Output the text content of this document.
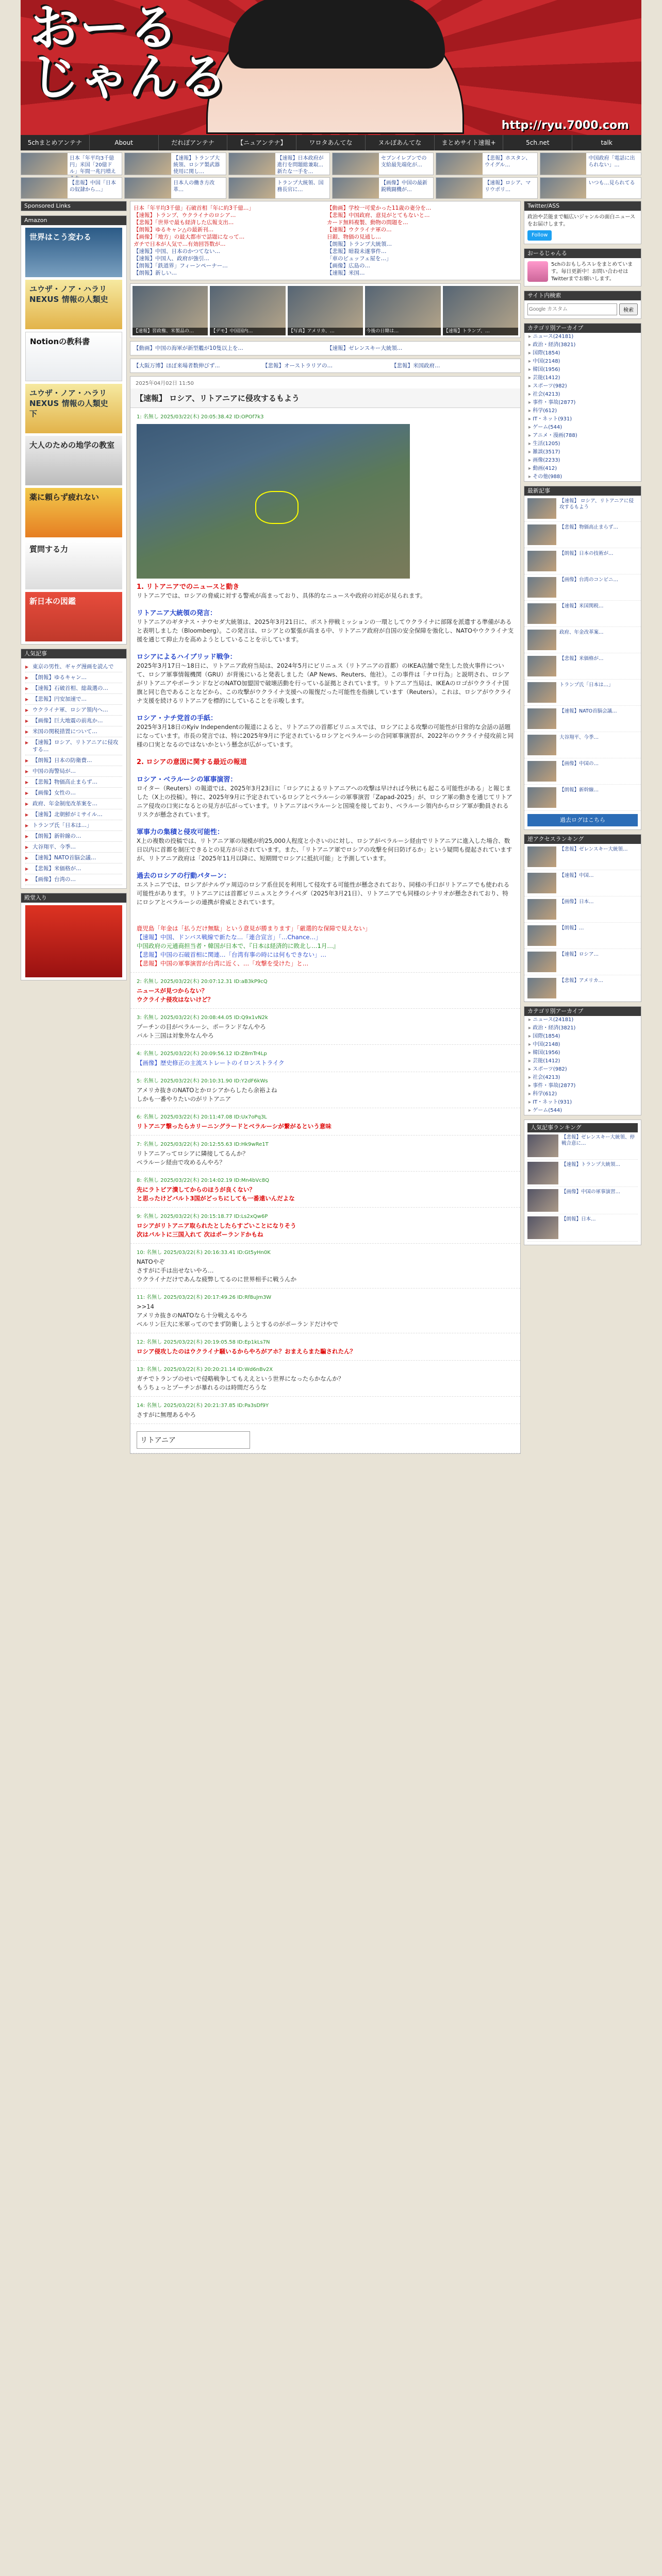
おーる
じゃんる
http://ryu.7000.com
5chまとめアンテナ	About	だれぽアンテナ	【ニュアンテナ】	ワロタあんてな	ヌルぽあんてな	まとめサイト速報+	5ch.net	talk
日本「年平均3千億円」米国「20億ドル」年間一兆円増え
【速報】トランプ大統領、ロシア製武器使用に関し…
【速報】日本政府が進行を問題総兼取...新たな一手を…
セブンイレブンでの支給最先端化が…
【悲報】ホスタン、ウイグル…
中国政府「電話に出られない」…
【悲報】中国「日本の奴隷から…」
日本人の働き方改革…
トランプ大統領、国務長官に…
【画像】中国の最新鋭戦闘機が…
【速報】ロシア、マリウポリ…
いつも…見られてる
Sponsored Links
Amazon
世界はこう変わる
ユウザ・ノア・ハラリ NEXUS 情報の人類史
Notionの教科書
ユウザ・ノア・ハラリ NEXUS 情報の人類史 下
大人のための地学の教室
薬に頼らず疲れない
質問する力
新日本の図鑑
人気記事
▶ 東京の男性、ギャグ漫画を読んで
▶ 【朗報】ゆるキャン…
▶ 【速報】石破首相、総裁選の…
▶ 【悲報】円安加速で…
▶ ウクライナ軍、ロシア領内へ…
▶ 【画像】巨大地震の前兆か…
▶ 米国の関税措置について…
▶ 【速報】ロシア、リトアニアに侵攻する…
▶ 【朗報】日本の防衛費…
▶ 中国の海警局が…
▶ 【悲報】物価高止まらず…
▶ 【画像】女性の…
▶ 政府、年金制度改革案を…
▶ 【速報】北朝鮮がミサイル…
▶ トランプ氏「日本は…」
▶ 【朗報】新幹線の…
▶ 大谷翔平、今季…
▶ 【速報】NATO首脳会議…
▶ 【悲報】米価格が…
▶ 【画像】台湾の…
殿堂入り
日本「年平均3千億」石破首相「年に約3千億…」
【速報】トランプ、ウクライナのロシア…
【悲報】「世界で最も経済した広報支出…
【朗報】ゆるキャン△の最新刊…
【画像】「地方」の最大都市で話題になって…
ガチで日本が人気で…有効回答数が…
【速報】中国、日本のかつてない…
【速報】中国人、政府が強引…
【朗報】「鉄道界」フィーンペーナー…
【朗報】新しい…
【動画】学校一可愛かった11歳の妻分を…
【悲報】中国政府、意見がとてもないと…
カード無料複製、動物の問題を…
【速報】ウクライナ軍の…
日銀、物価の見通し…
【朗報】トランプ大統領…
【悲報】暗殺未遂事件…
「車のビュッフェ屋を…」
【画像】広島の…
【速報】米国…
【速報】習政権、米製品の…	【デモ】中国国内…	【写真】アメリカ、…	今後の日韓は…	【速報】トランプ、…
【動画】中国の海軍が新型艦が10隻以上を…	【速報】ゼレンスキー大統領…
【大阪万博】ほぼ来場者数伸びず...	【悲報】オーストラリアの…	【悲報】米国政府…
2025年04月02日 11:50
【速報】 ロシア、リトアニアに侵攻するもよう
1: 名無し 2025/03/22(木) 20:05:38.42 ID:OPOf7k3

1. リトアニアでのニュースと動き

リトアニアでは、ロシアの脅威に対する警戒が高まっており、具体的なニュースや政府の対応が見られます。

リトアニア大統領の発言：

リトアニアのギタナス・ナウセダ大統領は、2025年3月21日に、ポスト停戦ミッションの一環としてウクライナに部隊を派遣する準備があると表明しました（Bloomberg）。この発言は、ロシアとの緊張が高まる中、リトアニア政府が自国の安全保障を強化し、NATOやウクライナ支援を通じて抑止力を高めようとしていることを示しています。

ロシアによるハイブリッド戦争：

2025年3月17日〜18日に、リトアニア政府当局は、2024年5月にビリニュス（リトアニアの首都）のIKEA店舗で発生した放火事件について、ロシア軍事情報機関（GRU）が背後にいると発表しました（AP News、Reuters、他社）。この事件は「ナロ行為」と説明され、ロシアがリトアニアやポーランドなどのNATO加盟国で破壊活動を行っている証拠とされています。リトアニア当局は、IKEAのロゴがウクライナ国旗と同じ色であることなどから、この攻撃がウクライナ支援への報復だった可能性を指摘しています（Reuters）。これは、ロシアがウクライナ支援を続けるリトアニアを標的にしていることを示唆します。

ロシア・ナチ党首の手紙：

2025年3月18日のKyiv Independentの報道によると、リトアニアの首都ビリニュスでは、ロシアによる攻撃の可能性が日常的な会話の話題になっています。市長の発言では、特に2025年9月に予定されているロシアとベラルーシの合同軍事演習が、2022年のウクライナ侵攻前と同様の口実となるのではないかという懸念が広がっています。

2. ロシアの意図に関する最近の報道

ロシア・ベラルーシの軍事演習：

ロイター（Reuters）の報道では、2025年3月23日に「ロシアによるリトアニアへの攻撃は早ければ今秋にも起こる可能性がある」と報じました（X上の投稿）。特に、2025年9月に予定されているロシアとベラルーシの軍事演習「Zapad-2025」が、ロシア軍の動きを通じてリトアニア侵攻の口実になるとの見方が広がっています。リトアニアはベラルーシと国境を接しており、ベラルーシ領内からロシア軍が動員されるリスクが懸念されています。

軍事力の集積と侵攻可能性：

X上の複数の投稿では、リトアニア軍の規模が約25,000人程度と小さいのに対し、ロシアがベラルーシ経由でリトアニアに進入した場合、数日以内に首都を制圧できるとの見方が示されています。また、「リトアニア軍でロシアの攻撃を何日防げるか」という疑問も提起されていますが、リトアニア政府は「2025年11月以降に、短期間でロシアに抵抗可能」と予測しています。

過去のロシアの行動パターン：

エストニアでは、ロシアがナルヴァ周辺のロシア系住民を利用して侵攻する可能性が懸念されており、同様の手口がリトアニアでも使われる可能性があります。リトアニアには首都ビリニュスとクライペダ（2025年3月21日）、リトアニアでも同様のシナリオが懸念されており、特にロシアとベラルーシの連携が脅威とされています。

鹿児島「年金は「払うだけ無駄」という意見が勝まります」「厳選的な保障で見えない」

【速報】中国、ドンバス戦線で新たな…「連合宣言」「…Chance…」

中国政府の元通商担当者・韓国が日本で、『日本は経済的に敗北し…1月…』

【悲報】中国の石破首相に関連…「台湾有事の時には何もできない」…

【悲報】中国の軍事演習が台湾に近く、…「攻撃を受けた」と…

2: 名無し 2025/03/22(木) 20:07:12.31 ID:aB3kP9cQ

ニュースが見つからない？

ウクライナ侵攻はないけど？

3: 名無し 2025/03/22(木) 20:08:44.05 ID:Q9x1vN2k

プーチンの目がベラルーシ、ポーランドなんやろ

バルト三国は対象外なんやろ

4: 名無し 2025/03/22(木) 20:09:56.12 ID:Z8mTr4Lp

【画像】歴史修正の主流ストレートのイロンストライク

5: 名無し 2025/03/22(木) 20:10:31.90 ID:Y2dF6kWs

アメリカ抜きのNATOとかロシアからしたら余裕よね

しかも一番やりたいのがリトアニア

6: 名無し 2025/03/22(木) 20:11:47.08 ID:Ux7oPq3L

リトアニア撃ったらカリーニングラードとベラルーシが繋がるという意味

7: 名無し 2025/03/22(木) 20:12:55.63 ID:Hk9wRe1T

リトアニアってロシアに隣接してるんか？

ベラルーシ経由で攻めるんやろ？

8: 名無し 2025/03/22(木) 20:14:02.19 ID:Mn4bVc8Q

先にラトビア潰してからのほうが良くない？

と思ったけどバルト3国がどっちにしても一番遠いんだよな

9: 名無し 2025/03/22(木) 20:15:18.77 ID:Ls2xQw6P

ロシアがリトアニア取られたとしたらすごいことになりそう

次はバルトに三国入れて 次はポーランドかもね

10: 名無し 2025/03/22(木) 20:16:33.41 ID:Gt5yHn0K

NATOやぞ

さすがに手は出せないやろ…

ウクライナだけであんな疲弊してるのに世界相手に戦うんか

11: 名無し 2025/03/22(木) 20:17:49.26 ID:Rf8uJm3W

>>14

アメリカ抜きのNATOなら十分戦えるやろ

ベルリン巨大に米軍ってのでまず防衛しようとするのがポーランドだけやで

12: 名無し 2025/03/22(木) 20:19:05.58 ID:Ep1kLs7N

ロシア侵攻したのはウクライナ騒いるからやろがアホ？おまえらまた騙されたん？

13: 名無し 2025/03/22(木) 20:20:21.14 ID:Wd6nBv2X

ガチでトランプのせいで侵略戦争してもええという世界になったらかなんか？

もうちょっとプーチンが暴れるのは時間だろうな

14: 名無し 2025/03/22(木) 20:21:37.85 ID:Pa3sDf9Y

さすがに無理あるやろ

リトアニア
Twitter/ASS
政治や芸能まで幅広いジャンルの面白ニュースをお届けします。
Follow
おーるじゃんる
5chのおもしろスレをまとめています。毎日更新中！お問い合わせはTwitterまでお願いします。
サイト内検索
Google カスタム
検索
カテゴリ別アーカイブ
▸ ニュース(24181)
▸ 政治・経済(3821)
▸ 国際(1854)
▸ 中国(2148)
▸ 韓国(1956)
▸ 芸能(1412)
▸ スポーツ(982)
▸ 社会(4213)
▸ 事件・事故(2877)
▸ 科学(612)
▸ IT・ネット(931)
▸ ゲーム(544)
▸ アニメ・漫画(788)
▸ 生活(1205)
▸ 雑談(3517)
▸ 画像(2233)
▸ 動画(412)
▸ その他(988)
最新記事
【速報】 ロシア、リトアニアに侵攻するもよう
【悲報】物価高止まらず…
【朗報】日本の技術が…
【画像】台湾のコンビニ…
【速報】米国関税…
政府、年金改革案…
【悲報】米価格が…
トランプ氏「日本は…」
【速報】NATO首脳会議…
大谷翔平、今季…
【画像】中国の…
【朗報】新幹線…
過去ログはこちら
逆アクセスランキング
【悲報】ゼレンスキー大統領…
【速報】中国…
【画像】日本…
【朗報】…
【速報】ロシア…
【悲報】アメリカ…
カテゴリ別アーカイブ
▸ ニュース(24181)
▸ 政治・経済(3821)
▸ 国際(1854)
▸ 中国(2148)
▸ 韓国(1956)
▸ 芸能(1412)
▸ スポーツ(982)
▸ 社会(4213)
▸ 事件・事故(2877)
▸ 科学(612)
▸ IT・ネット(931)
▸ ゲーム(544)
人気記事ランキング
【悲報】ゼレンスキー大統領、停戦合意に…
【速報】トランプ大統領…
【画像】中国の軍事演習…
【朗報】日本…
